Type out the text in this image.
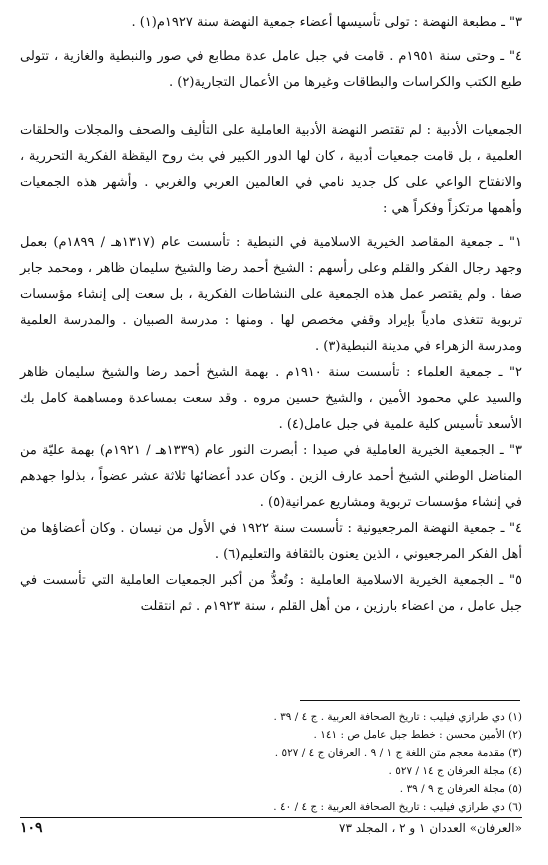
٣" ـ مطبعة النهضة : تولى تأسيسها أعضاء جمعية النهضة سنة ١٩٢٧م(١) .

٤" ـ وحتى سنة ١٩٥١م . قامت في جبل عامل عدة مطابع في صور والنبطية والغازية ، تتولى طبع الكتب والكراسات والبطاقات وغيرها من الأعمال التجارية(٢) .

الجمعيات الأدبية : لم تقتصر النهضة الأدبية العاملية على التأليف والصحف والمجلات والحلقات العلمية ، بل قامت جمعيات أدبية ، كان لها الدور الكبير في بث روح اليقظة الفكرية التحررية ، والانفتاح الواعي على كل جديد نامي في العالمين العربي والغربي . وأشهر هذه الجمعيات وأهمها مرتكزاً وفكراً هي :

١" ـ جمعية المقاصد الخيرية الاسلامية في النبطية : تأسست عام (١٣١٧هـ / ١٨٩٩م) بعمل وجهد رجال الفكر والقلم وعلى رأسهم : الشيخ أحمد رضا والشيخ سليمان ظاهر ، ومحمد جابر صفا . ولم يقتصر عمل هذه الجمعية على النشاطات الفكرية ، بل سعت إلى إنشاء مؤسسات تربوية تتغذى مادياً بإيراد وقفي مخصص لها . ومنها : مدرسة الصبيان . والمدرسة العلمية ومدرسة الزهراء في مدينة النبطية(٣) .

٢" ـ جمعية العلماء : تأسست سنة ١٩١٠م . بهمة الشيخ أحمد رضا والشيخ سليمان ظاهر والسيد علي محمود الأمين ، والشيخ حسين مروه . وقد سعت بمساعدة ومساهمة كامل بك الأسعد تأسيس كلية علمية في جبل عامل(٤) .

٣" ـ الجمعية الخيرية العاملية في صيدا : أبصرت النور عام (١٣٣٩هـ / ١٩٢١م) بهمة عليّة من المناضل الوطني الشيخ أحمد عارف الزين . وكان عدد أعضائها ثلاثة عشر عضواً ، بذلوا جهدهم في إنشاء مؤسسات تربوية ومشاريع عمرانية(٥) .

٤" ـ جمعية النهضة المرجعيونية : تأسست سنة ١٩٢٢ في الأول من نيسان . وكان أعضاؤها من أهل الفكر المرجعيوني ، الذين يعنون بالثقافة والتعليم(٦) .

٥" ـ الجمعية الخيرية الاسلامية العاملية : وتُعدُّ من أكبر الجمعيات العاملية التي تأسست في جبل عامل ، من اعضاء بارزين ، من أهل القلم ، سنة ١٩٢٣م . ثم انتقلت

(١) دي طرازي فيليب : تاريخ الصحافة العربية . ج ٤ / ٣٩ .
(٢) الأمين محسن : خطط جبل عامل ص : ١٤١ .
(٣) مقدمة معجم متن اللغة ج ١ / ٩ . العرفان ج ٤ / ٥٢٧ .
(٤) مجلة العرفان ج ١٤ / ٥٢٧ .
(٥) مجلة العرفان ج ٩ / ٣٩ .
(٦) دي طرازي فيليب : تاريخ الصحافة العربية : ج ٤ / ٤٠ .
١٠٩	«العرفان» العددان ١ و ٢ ، المجلد ٧٣
